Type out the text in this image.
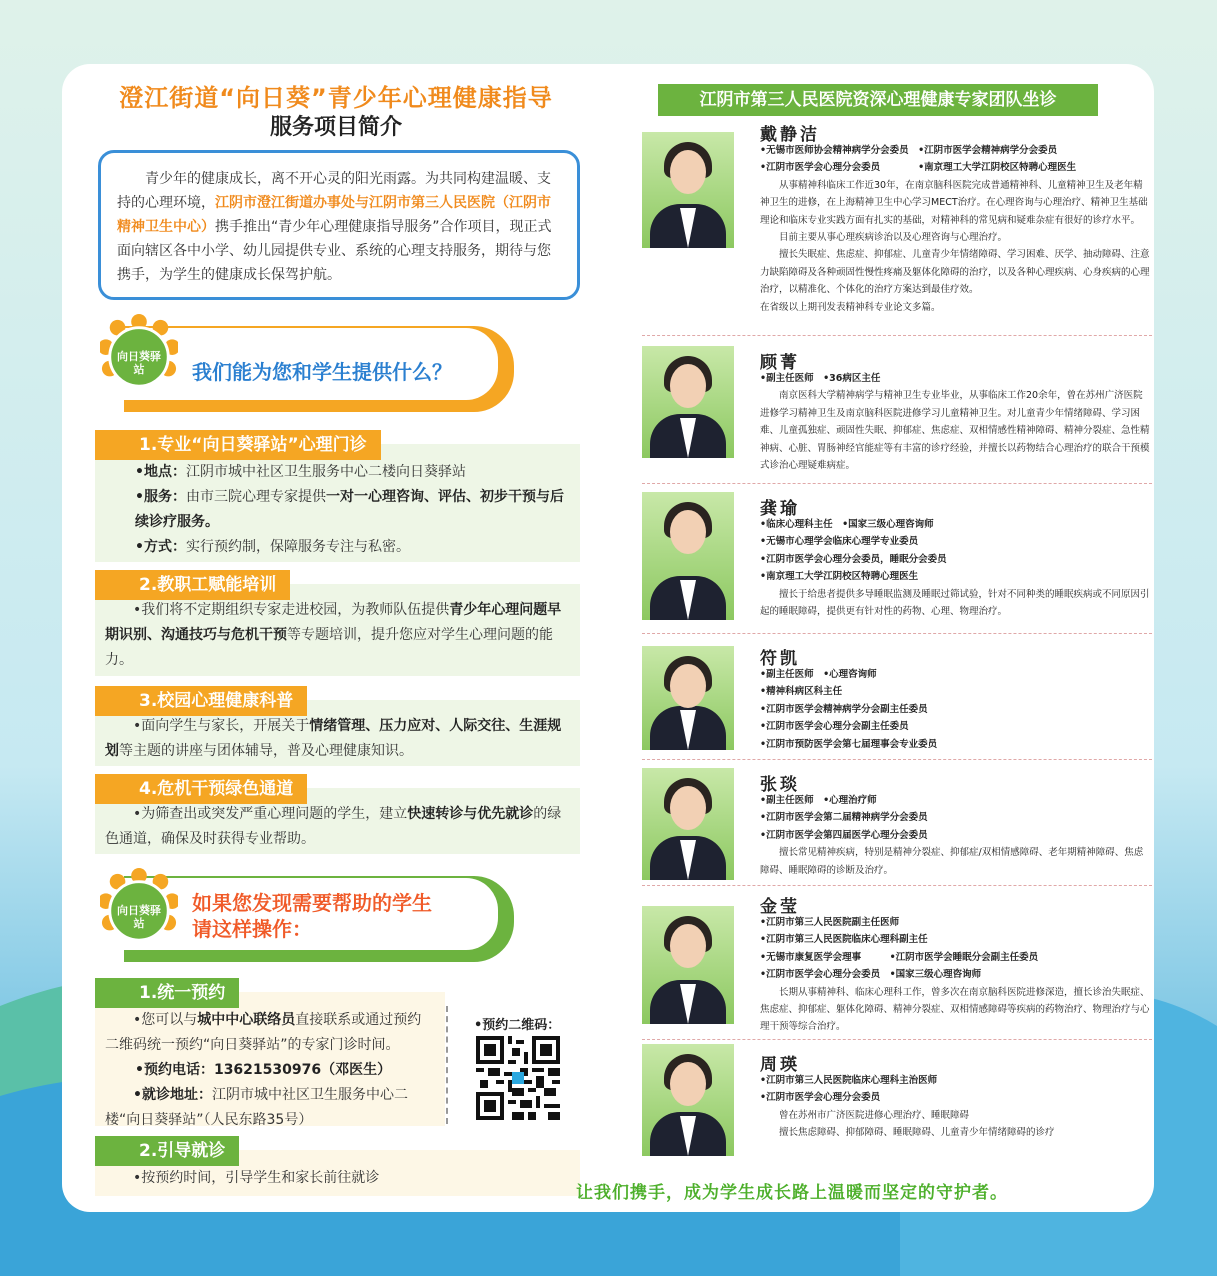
澄江街道“向日葵”青少年心理健康指导
服务项目简介
青少年的健康成长，离不开心灵的阳光雨露。为共同构建温暖、支持的心理环境，江阴市澄江街道办事处与江阴市第三人民医院（江阴市精神卫生中心）携手推出“青少年心理健康指导服务”合作项目，现正式面向辖区各中小学、幼儿园提供专业、系统的心理支持服务，期待与您携手，为学生的健康成长保驾护航。
我们能为您和学生提供什么？
向日葵驿站
1.专业“向日葵驿站”心理门诊

•地点：江阴市城中社区卫生服务中心二楼向日葵驿站

•服务：由市三院心理专家提供一对一心理咨询、评估、初步干预与后续诊疗服务。

•方式：实行预约制，保障服务专注与私密。

2.教职工赋能培训

•我们将不定期组织专家走进校园，为教师队伍提供青少年心理问题早期识别、沟通技巧与危机干预等专题培训，提升您应对学生心理问题的能力。

3.校园心理健康科普

•面向学生与家长，开展关于情绪管理、压力应对、人际交往、生涯规划等主题的讲座与团体辅导，普及心理健康知识。

4.危机干预绿色通道

•为筛查出或突发严重心理问题的学生，建立快速转诊与优先就诊的绿色通道，确保及时获得专业帮助。

如果您发现需要帮助的学生
请这样操作：
向日葵驿站
1.统一预约

•您可以与城中中心联络员直接联系或通过预约二维码统一预约“向日葵驿站”的专家门诊时间。

•预约电话：13621530976（邓医生）

•就诊地址：江阴市城中社区卫生服务中心二楼“向日葵驿站”（人民东路35号）

•预约二维码：
2.引导就诊

•按预约时间，引导学生和家长前往就诊

江阴市第三人民医院资深心理健康专家团队坐诊
戴静洁
•无锡市医师协会精神病学分会委员　•江阴市医学会精神病学分会委员
•江阴市医学会心理分会委员　　　　•南京理工大学江阴校区特聘心理医生
从事精神科临床工作近30年，在南京脑科医院完成普通精神科、儿童精神卫生及老年精神卫生的进修，在上海精神卫生中心学习MECT治疗。在心理咨询与心理治疗、精神卫生基础理论和临床专业实践方面有扎实的基础，对精神科的常见病和疑难杂症有很好的诊疗水平。
目前主要从事心理疾病诊治以及心理咨询与心理治疗。
擅长失眠症、焦虑症、抑郁症、儿童青少年情绪障碍、学习困难、厌学、抽动障碍、注意力缺陷障碍及各种顽固性慢性疼痛及躯体化障碍的治疗，以及各种心理疾病、心身疾病的心理治疗，以精准化、个体化的治疗方案达到最佳疗效。
在省级以上期刊发表精神科专业论文多篇。
顾菁
•副主任医师　•36病区主任
南京医科大学精神病学与精神卫生专业毕业，从事临床工作20余年，曾在苏州广济医院进修学习精神卫生及南京脑科医院进修学习儿童精神卫生。对儿童青少年情绪障碍、学习困难、儿童孤独症、顽固性失眠、抑郁症、焦虑症、双相情感性精神障碍、精神分裂症、急性精神病、心脏、胃肠神经官能症等有丰富的诊疗经验，并擅长以药物结合心理治疗的联合干预模式诊治心理疑难病症。
龚瑜
•临床心理科主任　•国家三级心理咨询师
•无锡市心理学会临床心理学专业委员
•江阴市医学会心理分会委员，睡眠分会委员
•南京理工大学江阴校区特聘心理医生
擅长于给患者提供多导睡眠监测及睡眠过筛试验，针对不同种类的睡眠疾病或不同原因引起的睡眠障碍，提供更有针对性的药物、心理、物理治疗。
符凯
•副主任医师　•心理咨询师
•精神科病区科主任
•江阴市医学会精神病学分会副主任委员
•江阴市医学会心理分会副主任委员
•江阴市预防医学会第七届理事会专业委员
张琰
•副主任医师　•心理治疗师
•江阴市医学会第二届精神病学分会委员
•江阴市医学会第四届医学心理分会委员
擅长常见精神疾病，特别是精神分裂症、抑郁症/双相情感障碍、老年期精神障碍、焦虑障碍、睡眠障碍的诊断及治疗。
金莹
•江阴市第三人民医院副主任医师
•江阴市第三人民医院临床心理科副主任
•无锡市康复医学会理事　　　•江阴市医学会睡眠分会副主任委员
•江阴市医学会心理分会委员　•国家三级心理咨询师
长期从事精神科、临床心理科工作，曾多次在南京脑科医院进修深造，擅长诊治失眠症、焦虑症、抑郁症、躯体化障碍、精神分裂症、双相情感障碍等疾病的药物治疗、物理治疗与心理干预等综合治疗。
周瑛
•江阴市第三人民医院临床心理科主治医师
•江阴市医学会心理分会委员
曾在苏州市广济医院进修心理治疗、睡眠障碍
擅长焦虑障碍、抑郁障碍、睡眠障碍、儿童青少年情绪障碍的诊疗
让我们携手，成为学生成长路上温暖而坚定的守护者。
